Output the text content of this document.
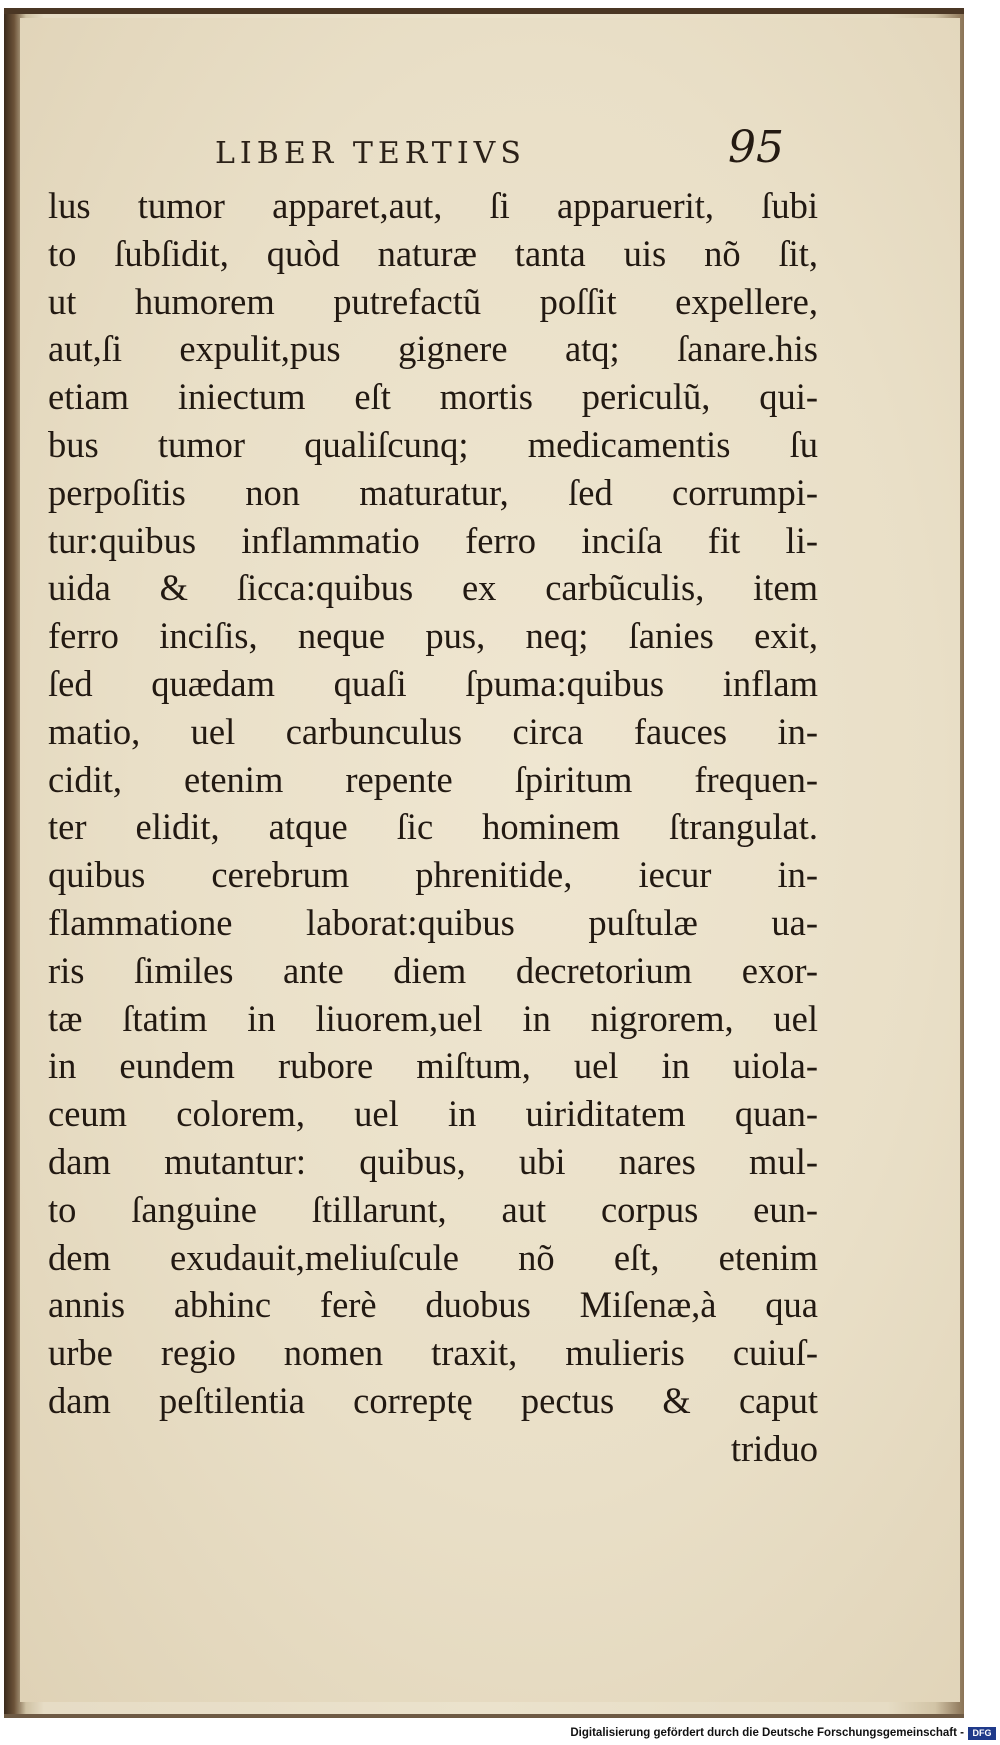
LIBER TERTIVS	95
lus tumor apparet,aut, ſi apparuerit, ſubi
to ſubſidit, quòd naturæ tanta uis nõ ſit,
ut humorem putrefactũ poſſit expellere,
aut,ſi expulit,pus gignere atq; ſanare.his
etiam iniectum eſt mortis periculũ, qui-
bus tumor qualiſcunq; medicamentis ſu
perpoſitis non maturatur, ſed corrumpi-
tur:quibus inflammatio ferro inciſa fit li-
uida & ſicca:quibus ex carbũculis, item
ferro inciſis, neque pus, neq; ſanies exit,
ſed quædam quaſi ſpuma:quibus inflam
matio, uel carbunculus circa fauces in-
cidit, etenim repente ſpiritum frequen-
ter elidit, atque ſic hominem ſtrangulat.
quibus cerebrum phrenitide, iecur in-
flammatione laborat:quibus puſtulæ ua-
ris ſimiles ante diem decretorium exor-
tæ ſtatim in liuorem,uel in nigrorem, uel
in eundem rubore miſtum, uel in uiola-
ceum colorem, uel in uiriditatem quan-
dam mutantur: quibus, ubi nares mul-
to ſanguine ſtillarunt, aut corpus eun-
dem exudauit,meliuſcule nõ eſt, etenim
annis abhinc ferè duobus Miſenæ,à qua
urbe regio nomen traxit, mulieris cuiuſ-
dam peſtilentia correptę pectus & caput
triduo
Digitalisierung gefördert durch die Deutsche Forschungsgemeinschaft - DFG
